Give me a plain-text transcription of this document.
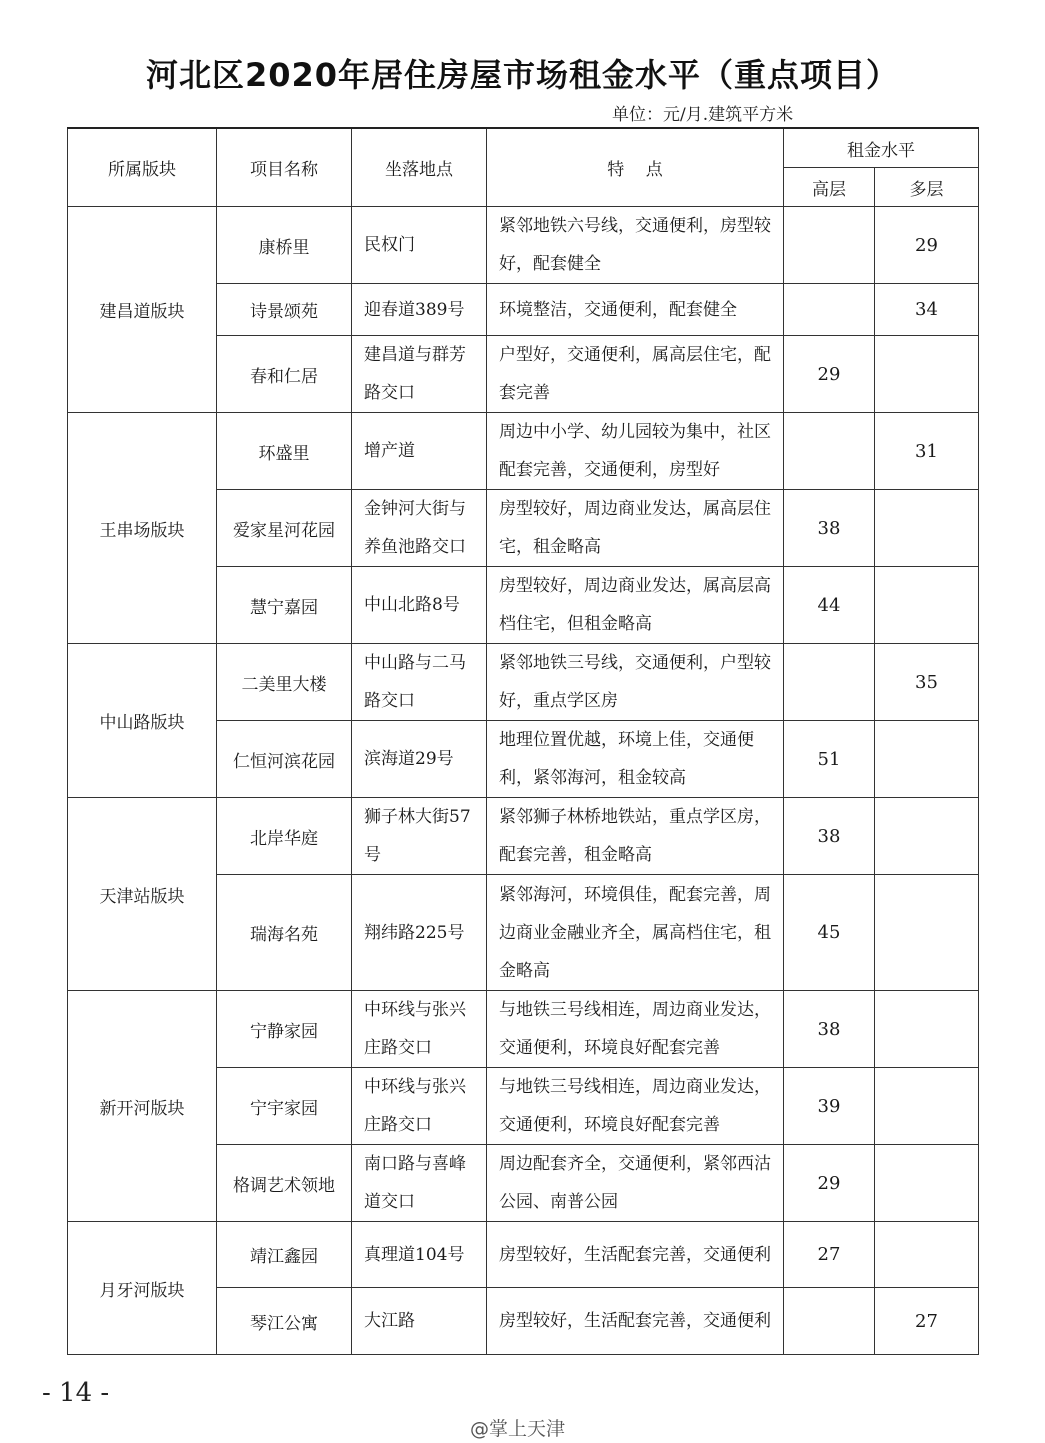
河北区2020年居住房屋市场租金水平（重点项目）
单位：元/月.建筑平方米
所属版块	项目名称	坐落地点	特    点	租金水平	
				高层	多层
建昌道版块	康桥里	民权门	紧邻地铁六号线，交通便利，房型较好，配套健全		29
	诗景颂苑	迎春道389号	环境整洁，交通便利，配套健全		34
	春和仁居	建昌道与群芳路交口	户型好，交通便利，属高层住宅，配套完善	29	
王串场版块	环盛里	增产道	周边中小学、幼儿园较为集中，社区配套完善，交通便利，房型好		31
	爱家星河花园	金钟河大街与养鱼池路交口	房型较好，周边商业发达，属高层住宅，租金略高	38	
	慧宁嘉园	中山北路8号	房型较好，周边商业发达，属高层高档住宅，但租金略高	44	
中山路版块	二美里大楼	中山路与二马路交口	紧邻地铁三号线，交通便利，户型较好，重点学区房		35
	仁恒河滨花园	滨海道29号	地理位置优越，环境上佳，交通便利，紧邻海河，租金较高	51	
天津站版块	北岸华庭	狮子林大街57号	紧邻狮子林桥地铁站，重点学区房，配套完善，租金略高	38	
	瑞海名苑	翔纬路225号	紧邻海河，环境俱佳，配套完善，周边商业金融业齐全，属高档住宅，租金略高	45	
新开河版块	宁静家园	中环线与张兴庄路交口	与地铁三号线相连，周边商业发达，交通便利，环境良好配套完善	38	
	宁宇家园	中环线与张兴庄路交口	与地铁三号线相连，周边商业发达，交通便利，环境良好配套完善	39	
	格调艺术领地	南口路与喜峰道交口	周边配套齐全，交通便利，紧邻西沽公园、南普公园	29	
月牙河版块	靖江鑫园	真理道104号	房型较好，生活配套完善，交通便利	27	
	琴江公寓	大江路	房型较好，生活配套完善，交通便利		27
- 14 -
@掌上天津
